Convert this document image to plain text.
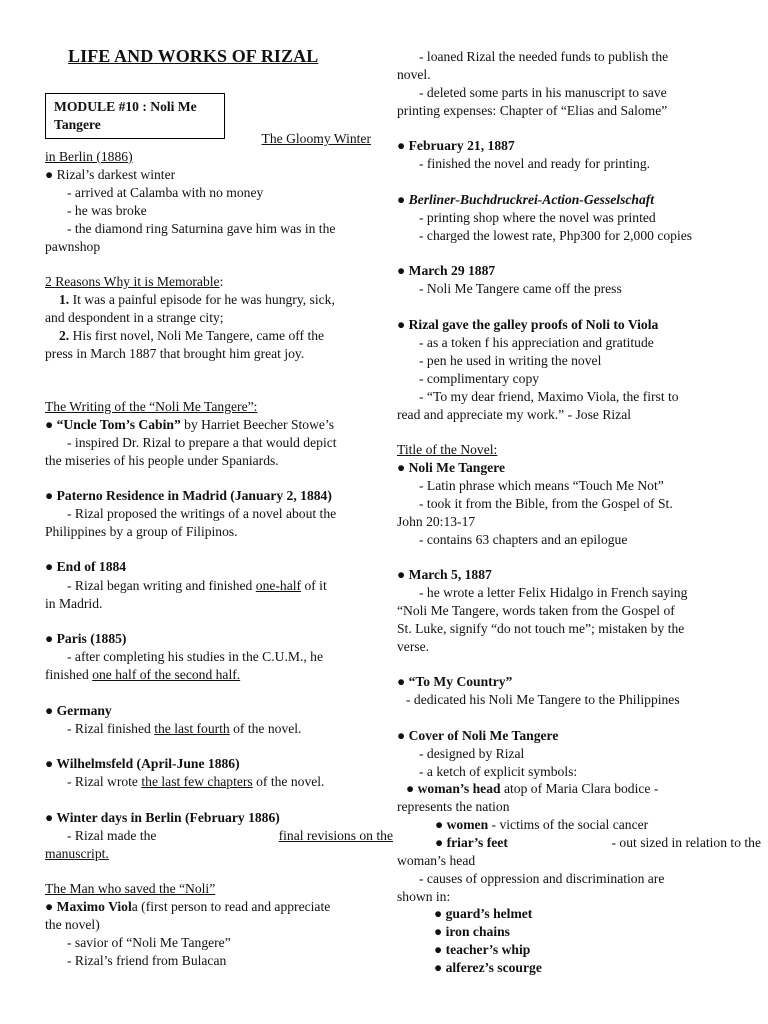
LIFE AND WORKS OF RIZAL
MODULE #10 : Noli Me
Tangere
The Gloomy Winter
in Berlin (1886)
● Rizal’s darkest winter
- arrived at Calamba with no money
- he was broke
- the diamond ring Saturnina gave him was in the
pawnshop
2 Reasons Why it is Memorable:
1. It was a painful episode for he was hungry, sick,
and despondent in a strange city;
2. His first novel, Noli Me Tangere, came off the
press in March 1887 that brought him great joy.
The Writing of the “Noli Me Tangere”:
● “Uncle Tom’s Cabin” by Harriet Beecher Stowe’s
- inspired Dr. Rizal to prepare a that would depict
the miseries of his people under Spaniards.
● Paterno Residence in Madrid (January 2, 1884)
- Rizal proposed the writings of a novel about the
Philippines by a group of Filipinos.
● End of 1884
- Rizal began writing and finished one-half of it
in Madrid.
● Paris (1885)
- after completing his studies in the C.U.M., he
finished one half of the second half.
● Germany
- Rizal finished the last fourth of the novel.
● Wilhelmsfeld (April-June 1886)
- Rizal wrote the last few chapters of the novel.
● Winter days in Berlin (February 1886)
- Rizal made the	final revisions on the
manuscript.
The Man who saved the “Noli”
● Maximo Viola (first person to read and appreciate
the novel)
- savior of “Noli Me Tangere”
- Rizal’s friend from Bulacan
- loaned Rizal the needed funds to publish the
novel.
- deleted some parts in his manuscript to save
printing expenses: Chapter of “Elias and Salome”
● February 21, 1887
- finished the novel and ready for printing.
● Berliner-Buchdruckrei-Action-Gesselschaft
- printing shop where the novel was printed
- charged the lowest rate, Php300 for 2,000 copies
● March 29 1887
- Noli Me Tangere came off the press
● Rizal gave the galley proofs of Noli to Viola
- as a token f his appreciation and gratitude
- pen he used in writing the novel
- complimentary copy
- “To my dear friend, Maximo Viola, the first to
read and appreciate my work.” - Jose Rizal
Title of the Novel:
● Noli Me Tangere
- Latin phrase which means “Touch Me Not”
- took it from the Bible, from the Gospel of St.
John 20:13-17
- contains 63 chapters and an epilogue
● March 5, 1887
- he wrote a letter Felix Hidalgo in French saying
“Noli Me Tangere, words taken from the Gospel of
St. Luke, signify “do not touch me”; mistaken by the
verse.
● “To My Country”
- dedicated his Noli Me Tangere to the Philippines
● Cover of Noli Me Tangere
- designed by Rizal
- a ketch of explicit symbols:
● woman’s head atop of Maria Clara bodice -
represents the nation
● women - victims of the social cancer
● friar’s feet	- out sized in relation to the
woman’s head
- causes of oppression and discrimination are
shown in:
● guard’s helmet
● iron chains
● teacher’s whip
● alferez’s scourge
